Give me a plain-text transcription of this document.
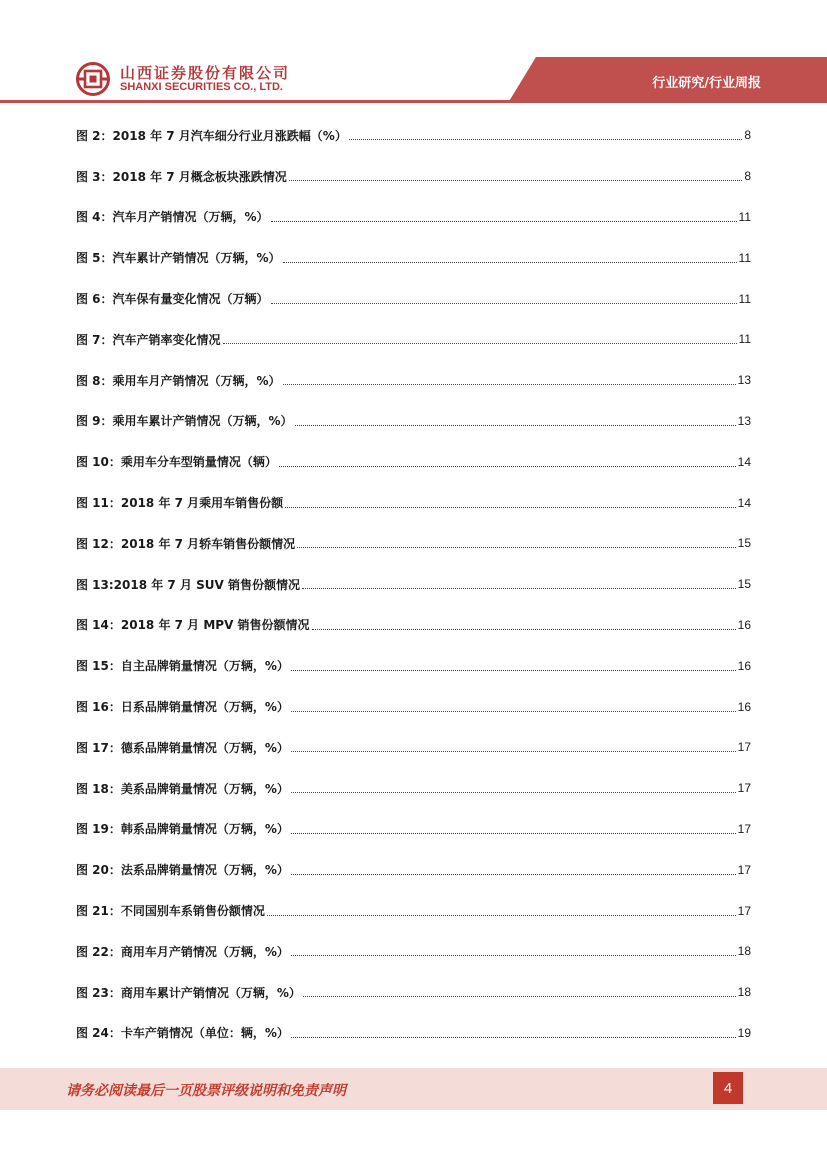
山西证券股份有限公司
SHANXI SECURITIES CO., LTD.	行业研究/行业周报
图 2：2018 年 7 月汽车细分行业月涨跌幅（%）	8
图 3：2018 年 7 月概念板块涨跌情况	8
图 4：汽车月产销情况（万辆，%）	11
图 5：汽车累计产销情况（万辆，%）	11
图 6：汽车保有量变化情况（万辆）	11
图 7：汽车产销率变化情况	11
图 8：乘用车月产销情况（万辆，%）	13
图 9：乘用车累计产销情况（万辆，%）	13
图 10：乘用车分车型销量情况（辆）	14
图 11：2018 年 7 月乘用车销售份额	14
图 12：2018 年 7 月轿车销售份额情况	15
图 13:2018 年 7 月 SUV 销售份额情况	15
图 14：2018 年 7 月 MPV 销售份额情况	16
图 15：自主品牌销量情况（万辆，%）	16
图 16：日系品牌销量情况（万辆，%）	16
图 17：德系品牌销量情况（万辆，%）	17
图 18：美系品牌销量情况（万辆，%）	17
图 19：韩系品牌销量情况（万辆，%）	17
图 20：法系品牌销量情况（万辆，%）	17
图 21：不同国别车系销售份额情况	17
图 22：商用车月产销情况（万辆，%）	18
图 23：商用车累计产销情况（万辆，%）	18
图 24：卡车产销情况（单位：辆，%）	19
请务必阅读最后一页股票评级说明和免责声明	4
